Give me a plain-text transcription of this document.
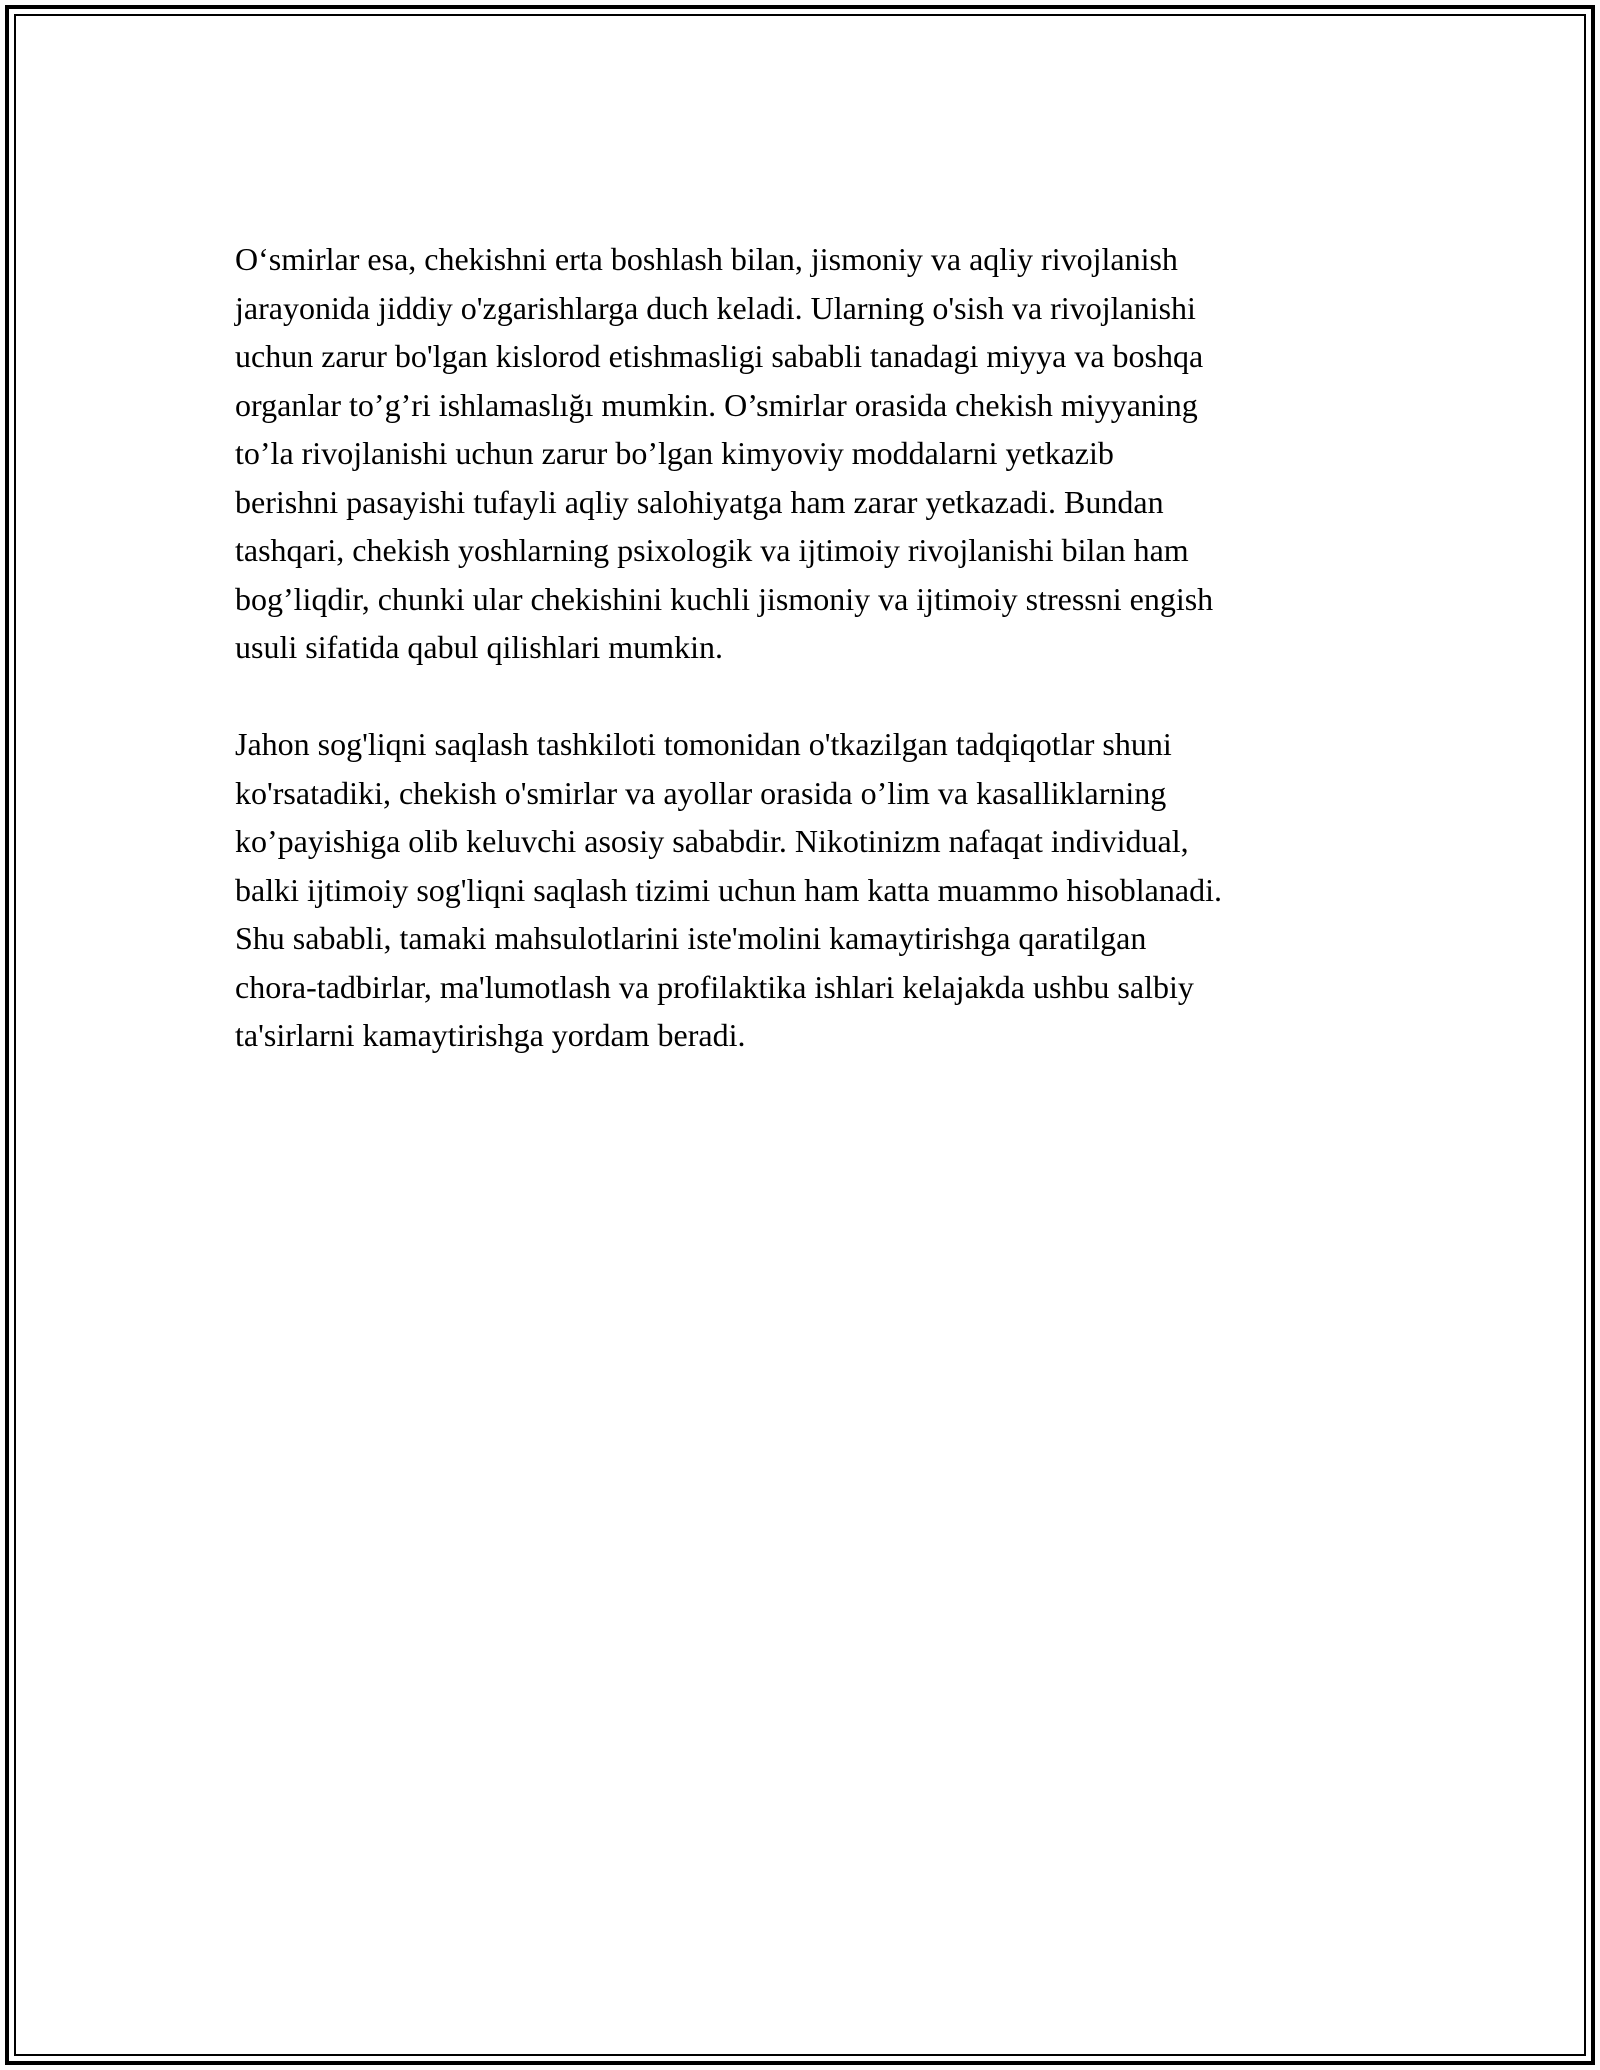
Oʻsmirlar esa, chekishni erta boshlash bilan, jismoniy va aqliy rivojlanish
jarayonida jiddiy o'zgarishlarga duch keladi. Ularning o'sish va rivojlanishi
uchun zarur bo'lgan kislorod etishmasligi sababli tanadagi miyya va boshqa
organlar to’g’ri ishlamaslığı mumkin. O’smirlar orasida chekish miyyaning
to’la rivojlanishi uchun zarur bo’lgan kimyoviy moddalarni yetkazib
berishni pasayishi tufayli aqliy salohiyatga ham zarar yetkazadi. Bundan
tashqari, chekish yoshlarning psixologik va ijtimoiy rivojlanishi bilan ham
bog’liqdir, chunki ular chekishini kuchli jismoniy va ijtimoiy stressni engish
usuli sifatida qabul qilishlari mumkin.

Jahon sog'liqni saqlash tashkiloti tomonidan o'tkazilgan tadqiqotlar shuni
ko'rsatadiki, chekish o'smirlar va ayollar orasida o’lim va kasalliklarning
ko’payishiga olib keluvchi asosiy sababdir. Nikotinizm nafaqat individual,
balki ijtimoiy sog'liqni saqlash tizimi uchun ham katta muammo hisoblanadi.
Shu sababli, tamaki mahsulotlarini iste'molini kamaytirishga qaratilgan
chora-tadbirlar, ma'lumotlash va profilaktika ishlari kelajakda ushbu salbiy
ta'sirlarni kamaytirishga yordam beradi.
